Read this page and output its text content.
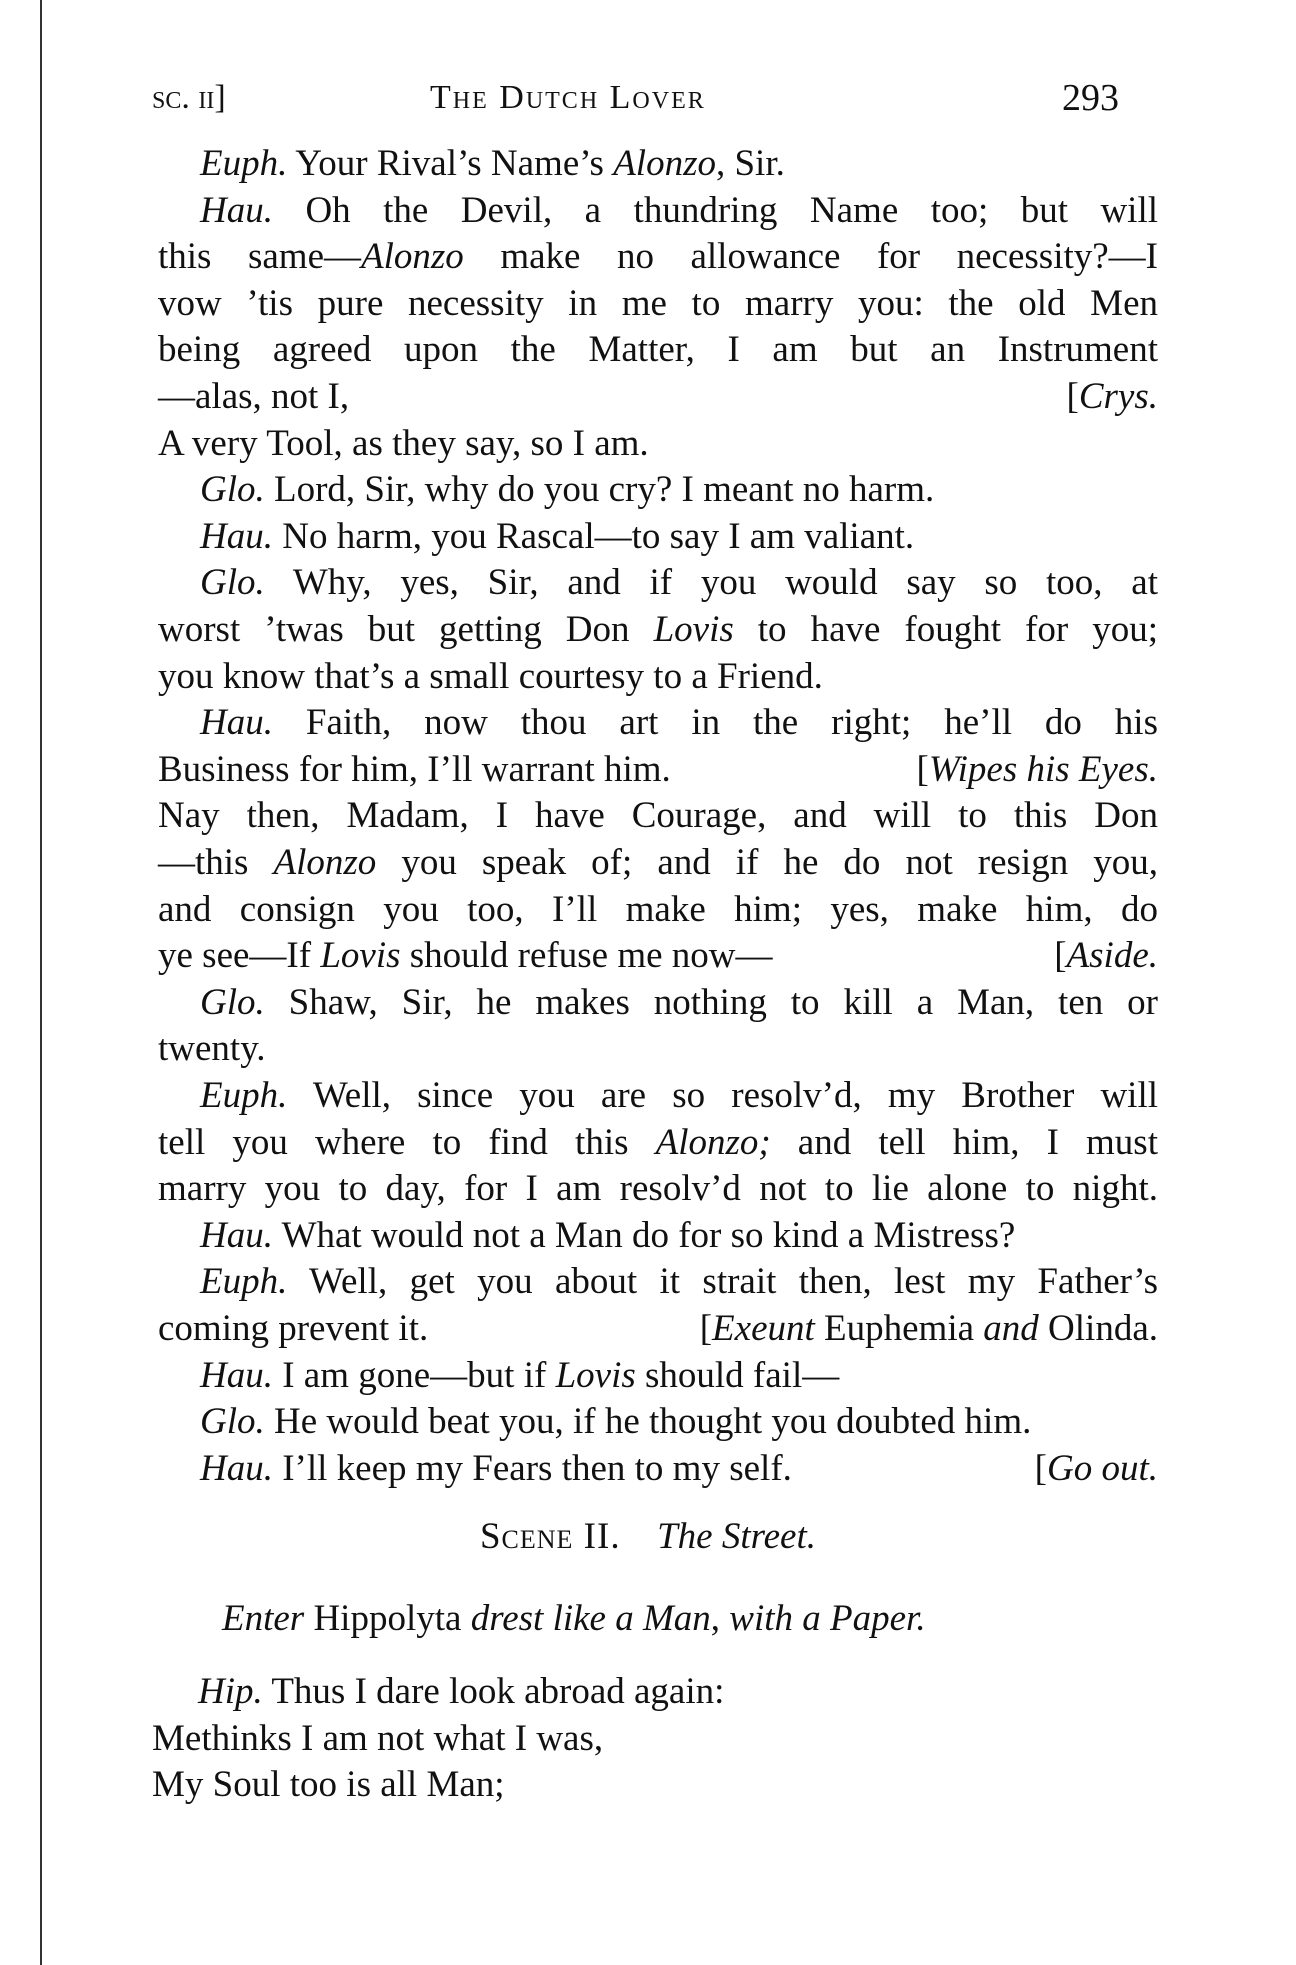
sc. ii]	The Dutch Lover	293
Euph. Your Rival’s Name’s Alonzo, Sir.
Hau. Oh the Devil, a thundring Name too; but will
this same—Alonzo make no allowance for necessity?—I
vow ’tis pure necessity in me to marry you: the old Men
being agreed upon the Matter, I am but an Instrument
—alas, not I,	[Crys.
A very Tool, as they say, so I am.
Glo. Lord, Sir, why do you cry? I meant no harm.
Hau. No harm, you Rascal—to say I am valiant.
Glo. Why, yes, Sir, and if you would say so too, at
worst ’twas but getting Don Lovis to have fought for you;
you know that’s a small courtesy to a Friend.
Hau. Faith, now thou art in the right; he’ll do his
Business for him, I’ll warrant him.	[Wipes his Eyes.
Nay then, Madam, I have Courage, and will to this Don
—this Alonzo you speak of; and if he do not resign you,
and consign you too, I’ll make him; yes, make him, do
ye see—If Lovis should refuse me now—	[Aside.
Glo. Shaw, Sir, he makes nothing to kill a Man, ten or
twenty.
Euph. Well, since you are so resolv’d, my Brother will
tell you where to find this Alonzo; and tell him, I must
marry you to day, for I am resolv’d not to lie alone to night.
Hau. What would not a Man do for so kind a Mistress?
Euph. Well, get you about it strait then, lest my Father’s
coming prevent it.	[Exeunt Euphemia and Olinda.
Hau. I am gone—but if Lovis should fail—
Glo. He would beat you, if he thought you doubted him.
Hau. I’ll keep my Fears then to my self.	[Go out.
Scene II. The Street.
Enter Hippolyta drest like a Man, with a Paper.
Hip. Thus I dare look abroad again:
Methinks I am not what I was,
My Soul too is all Man;
